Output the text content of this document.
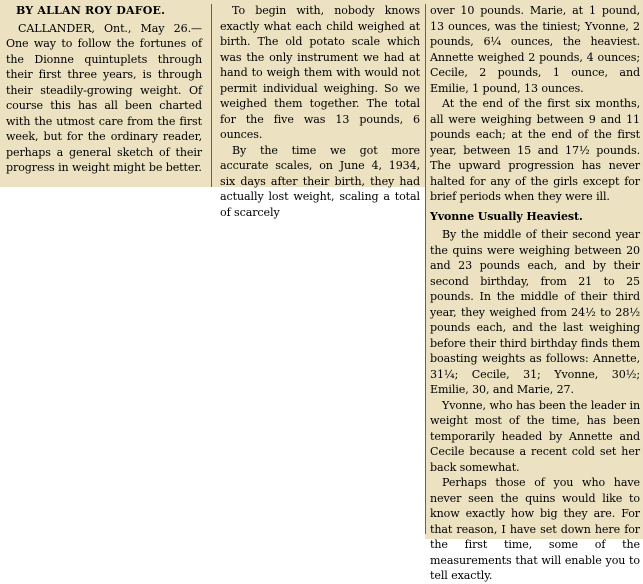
BY ALLAN ROY DAFOE.

CALLANDER, Ont., May 26.—One way to follow the fortunes of the Dionne quintuplets through their first three years, is through their steadily-growing weight. Of course this has all been charted with the utmost care from the first week, but for the ordinary reader, perhaps a general sketch of their progress in weight might be better.

To begin with, nobody knows exactly what each child weighed at birth. The old potato scale which was the only instrument we had at hand to weigh them with would not permit individual weighing. So we weighed them together. The total for the five was 13 pounds, 6 ounces.

By the time we got more accurate scales, on June 4, 1934, six days after their birth, they had actually lost weight, scaling a total of scarcely

over 10 pounds. Marie, at 1 pound, 13 ounces, was the tiniest; Yvonne, 2 pounds, 6¼ ounces, the heaviest. Annette weighed 2 pounds, 4 ounces; Cecile, 2 pounds, 1 ounce, and Emilie, 1 pound, 13 ounces.

At the end of the first six months, all were weighing between 9 and 11 pounds each; at the end of the first year, between 15 and 17½ pounds. The upward progression has never halted for any of the girls except for brief periods when they were ill.

Yvonne Usually Heaviest.

By the middle of their second year the quins were weighing between 20 and 23 pounds each, and by their second birthday, from 21 to 25 pounds. In the middle of their third year, they weighed from 24½ to 28½ pounds each, and the last weighing before their third birthday finds them boasting weights as follows: Annette, 31¼; Cecile, 31; Yvonne, 30½; Emilie, 30, and Marie, 27.

Yvonne, who has been the leader in weight most of the time, has been temporarily headed by Annette and Cecile because a recent cold set her back somewhat.

Perhaps those of you who have never seen the quins would like to know exactly how big they are. For that reason, I have set down here for the first time, some of the measurements that will enable you to tell exactly.
